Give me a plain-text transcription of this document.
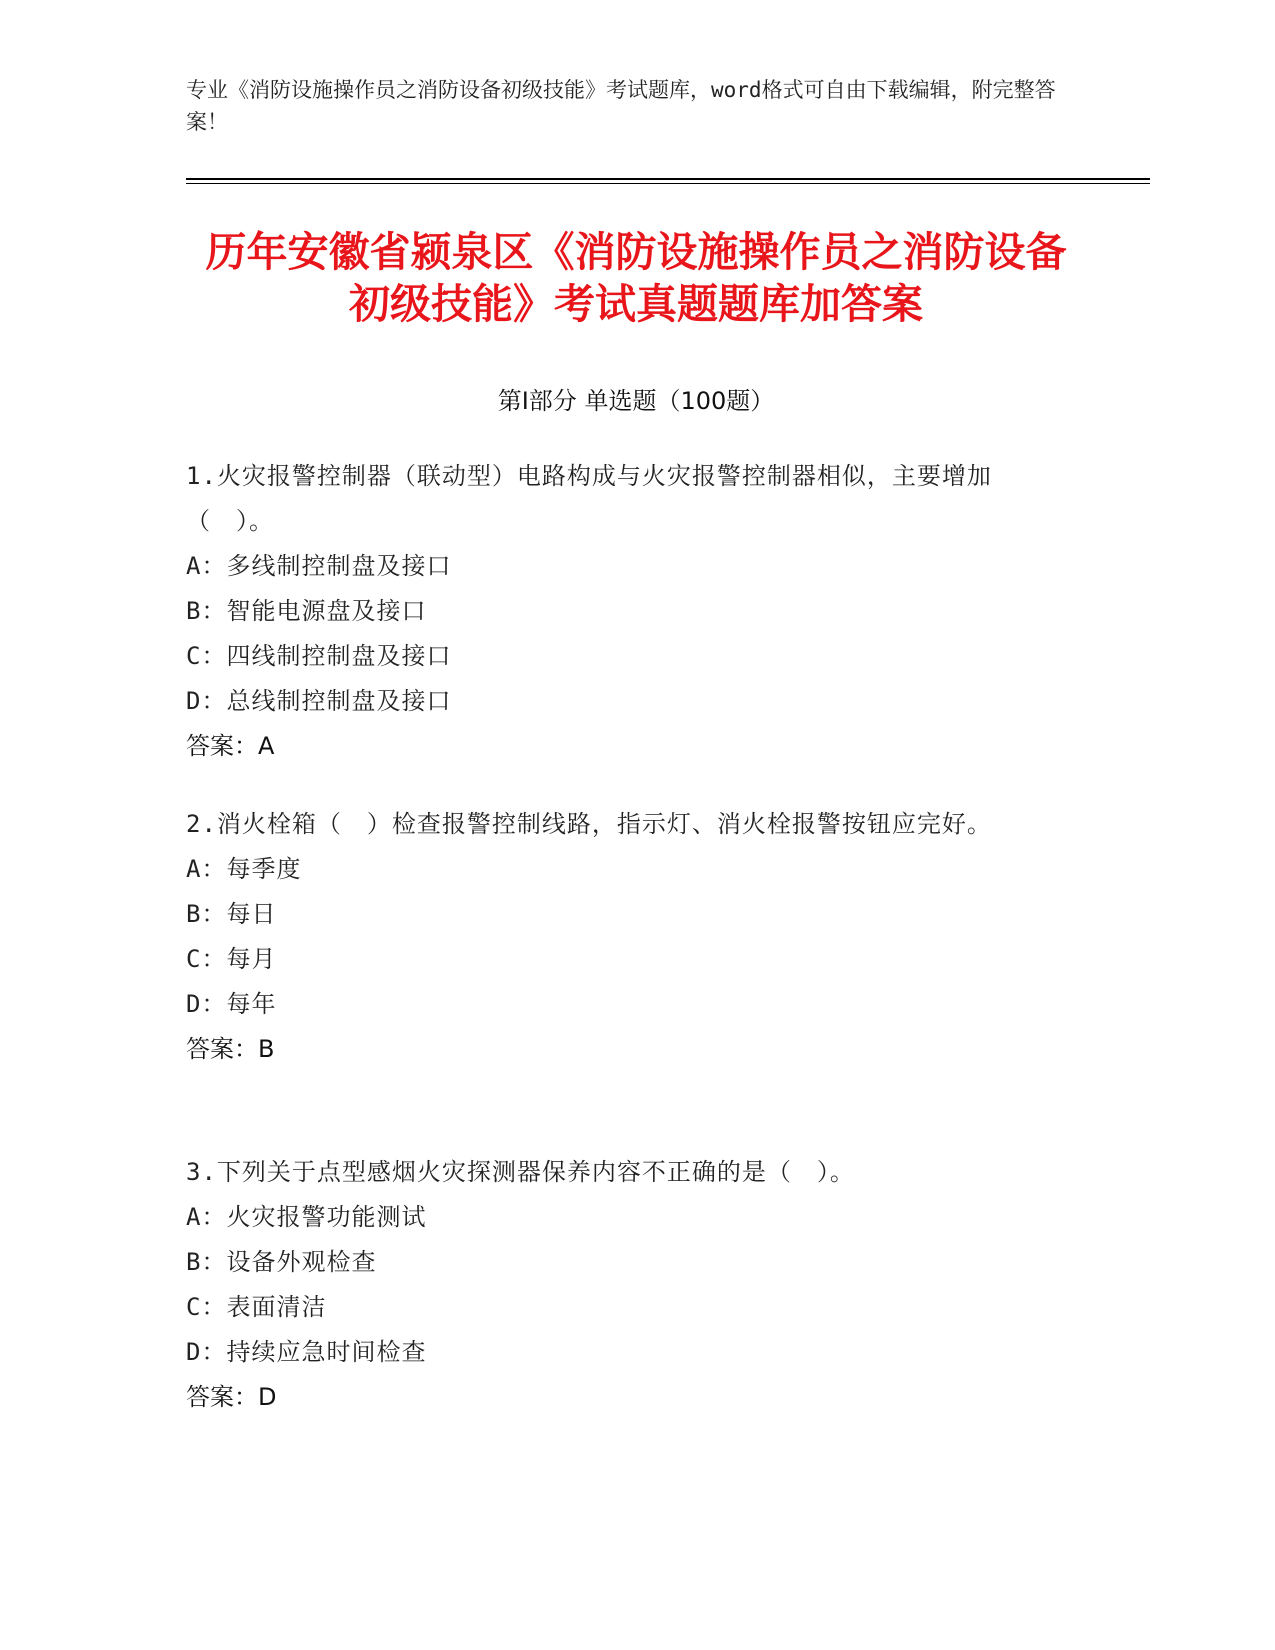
专业《消防设施操作员之消防设备初级技能》考试题库，word格式可自由下载编辑，附完整答案！
历年安徽省颍泉区《消防设施操作员之消防设备初级技能》考试真题题库加答案
第I部分 单选题（100题）
1.火灾报警控制器（联动型）电路构成与火灾报警控制器相似，主要增加（　）。
A：多线制控制盘及接口
B：智能电源盘及接口
C：四线制控制盘及接口
D：总线制控制盘及接口
答案：A
2.消火栓箱（　）检查报警控制线路，指示灯、消火栓报警按钮应完好。
A：每季度
B：每日
C：每月
D：每年
答案：B
3.下列关于点型感烟火灾探测器保养内容不正确的是（　）。
A：火灾报警功能测试
B：设备外观检查
C：表面清洁
D：持续应急时间检查
答案：D
